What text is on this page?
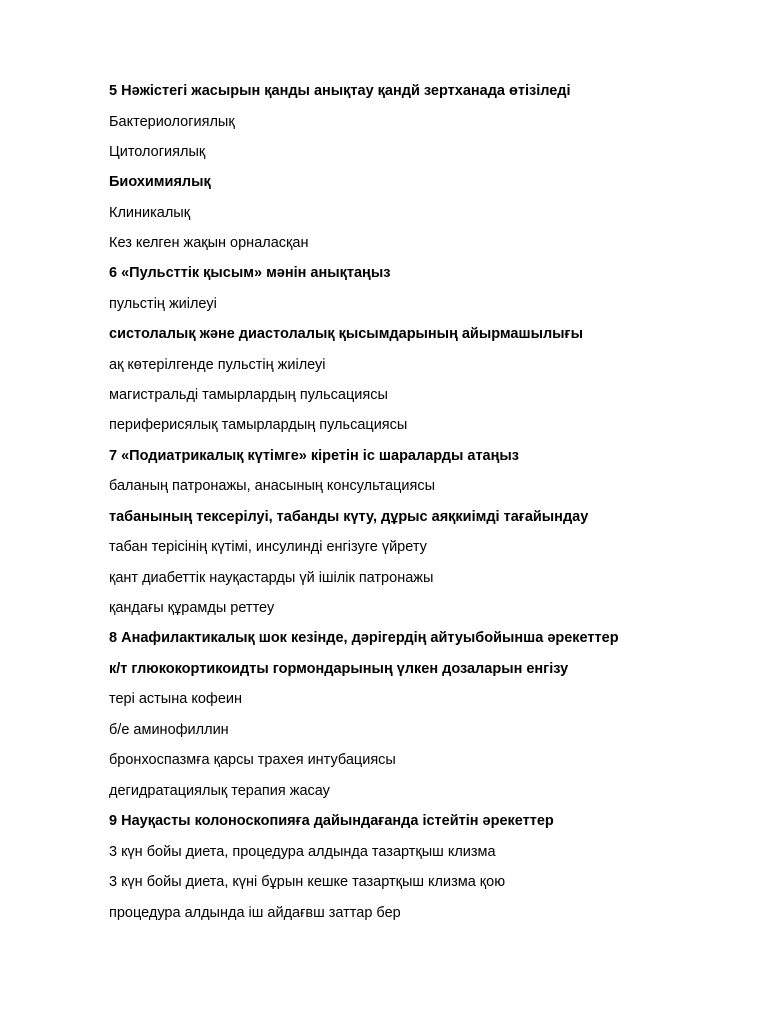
5 Нәжістегі жасырын қанды анықтау қандй зертханада өтізіледі
Бактериологиялық
Цитологиялық
Биохимиялық
Клиникалық
Кез келген жақын орналасқан
6 «Пульсттік қысым» мәнін анықтаңыз
пульстің жиілеуі
систолалық және диастолалық қысымдарының айырмашылығы
ақ көтерілгенде пульстің жиілеуі
магистральді тамырлардың пульсациясы
периферисялық тамырлардың пульсациясы
7 «Подиатрикалық күтімге» кіретін іс шараларды атаңыз
баланың патронажы, анасының консультациясы
табанының тексерілуі, табанды күту, дұрыс аяқкиімді тағайындау
табан терісінің күтімі, инсулинді енгізуге үйрету
қант диабеттік науқастарды үй ішілік патронажы
қандағы құрамды реттеу
8 Анафилактикалық шок кезінде, дәрігердің айтуыбойынша әрекеттер
к/т глюкокортикоидты гормондарының үлкен дозаларын енгізу
тері астына кофеин
б/е аминофиллин
бронхоспазмға қарсы трахея интубациясы
дегидратациялық терапия жасау
9 Науқасты колоноскопияға дайындағанда істейтін әрекеттер
3 күн бойы диета, процедура алдында тазартқыш клизма
3 күн бойы диета, күні бұрын кешке тазартқыш клизма қою
процедура алдында іш айдағвш заттар бер
